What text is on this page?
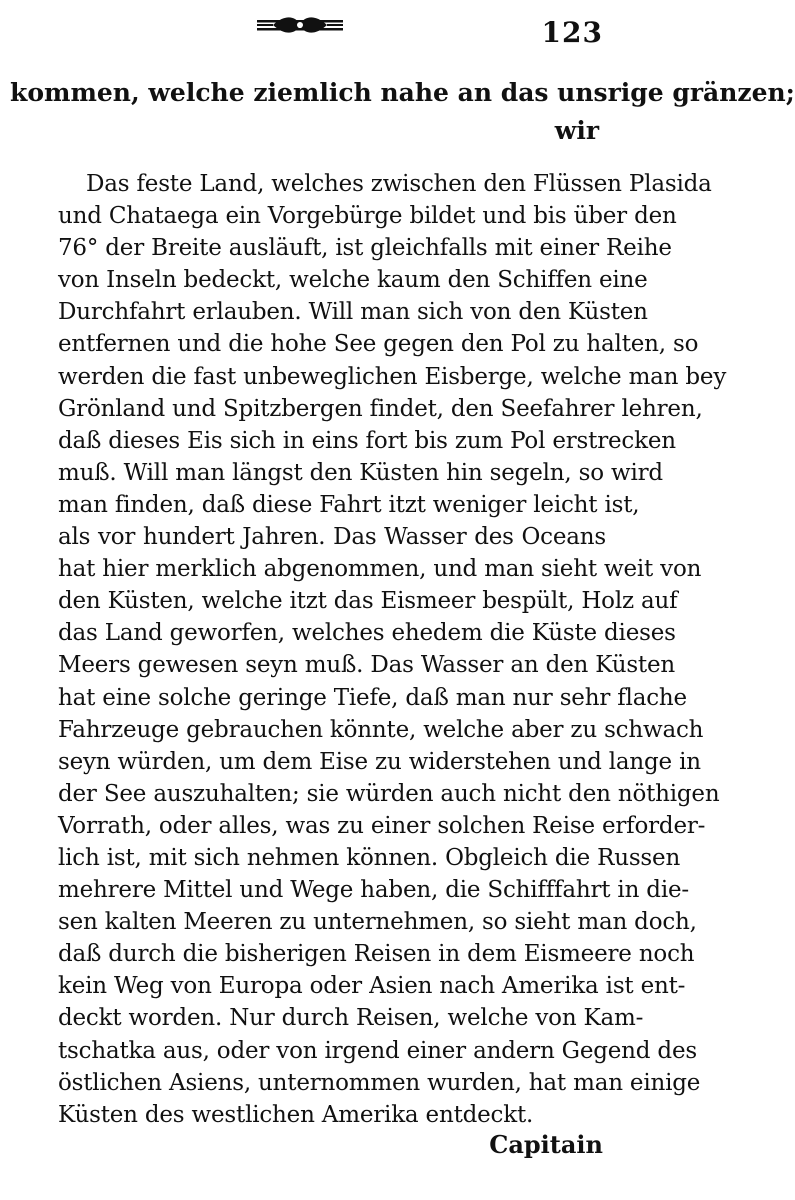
123
kommen, welche ziemlich nahe an das unsrige gränzen;
wir
Das feste Land, welches zwischen den Flüssen Plasida
und Chataega ein Vorgebürge bildet und bis über den
76° der Breite ausläuft, ist gleichfalls mit einer Reihe
von Inseln bedeckt, welche kaum den Schiffen eine
Durchfahrt erlauben. Will man sich von den Küsten
entfernen und die hohe See gegen den Pol zu halten, so
werden die fast unbeweglichen Eisberge, welche man bey
Grönland und Spitzbergen findet, den Seefahrer lehren,
daß dieses Eis sich in eins fort bis zum Pol erstrecken
muß. Will man längst den Küsten hin segeln, so wird
man finden, daß diese Fahrt itzt weniger leicht ist,
als vor hundert Jahren. Das Wasser des Oceans
hat hier merklich abgenommen, und man sieht weit von
den Küsten, welche itzt das Eismeer bespült, Holz auf
das Land geworfen, welches ehedem die Küste dieses
Meers gewesen seyn muß. Das Wasser an den Küsten
hat eine solche geringe Tiefe, daß man nur sehr flache
Fahrzeuge gebrauchen könnte, welche aber zu schwach
seyn würden, um dem Eise zu widerstehen und lange in
der See auszuhalten; sie würden auch nicht den nöthigen
Vorrath, oder alles, was zu einer solchen Reise erforder-
lich ist, mit sich nehmen können. Obgleich die Russen
mehrere Mittel und Wege haben, die Schifffahrt in die-
sen kalten Meeren zu unternehmen, so sieht man doch,
daß durch die bisherigen Reisen in dem Eismeere noch
kein Weg von Europa oder Asien nach Amerika ist ent-
deckt worden. Nur durch Reisen, welche von Kam-
tschatka aus, oder von irgend einer andern Gegend des
östlichen Asiens, unternommen wurden, hat man einige
Küsten des westlichen Amerika entdeckt.
Capitain
